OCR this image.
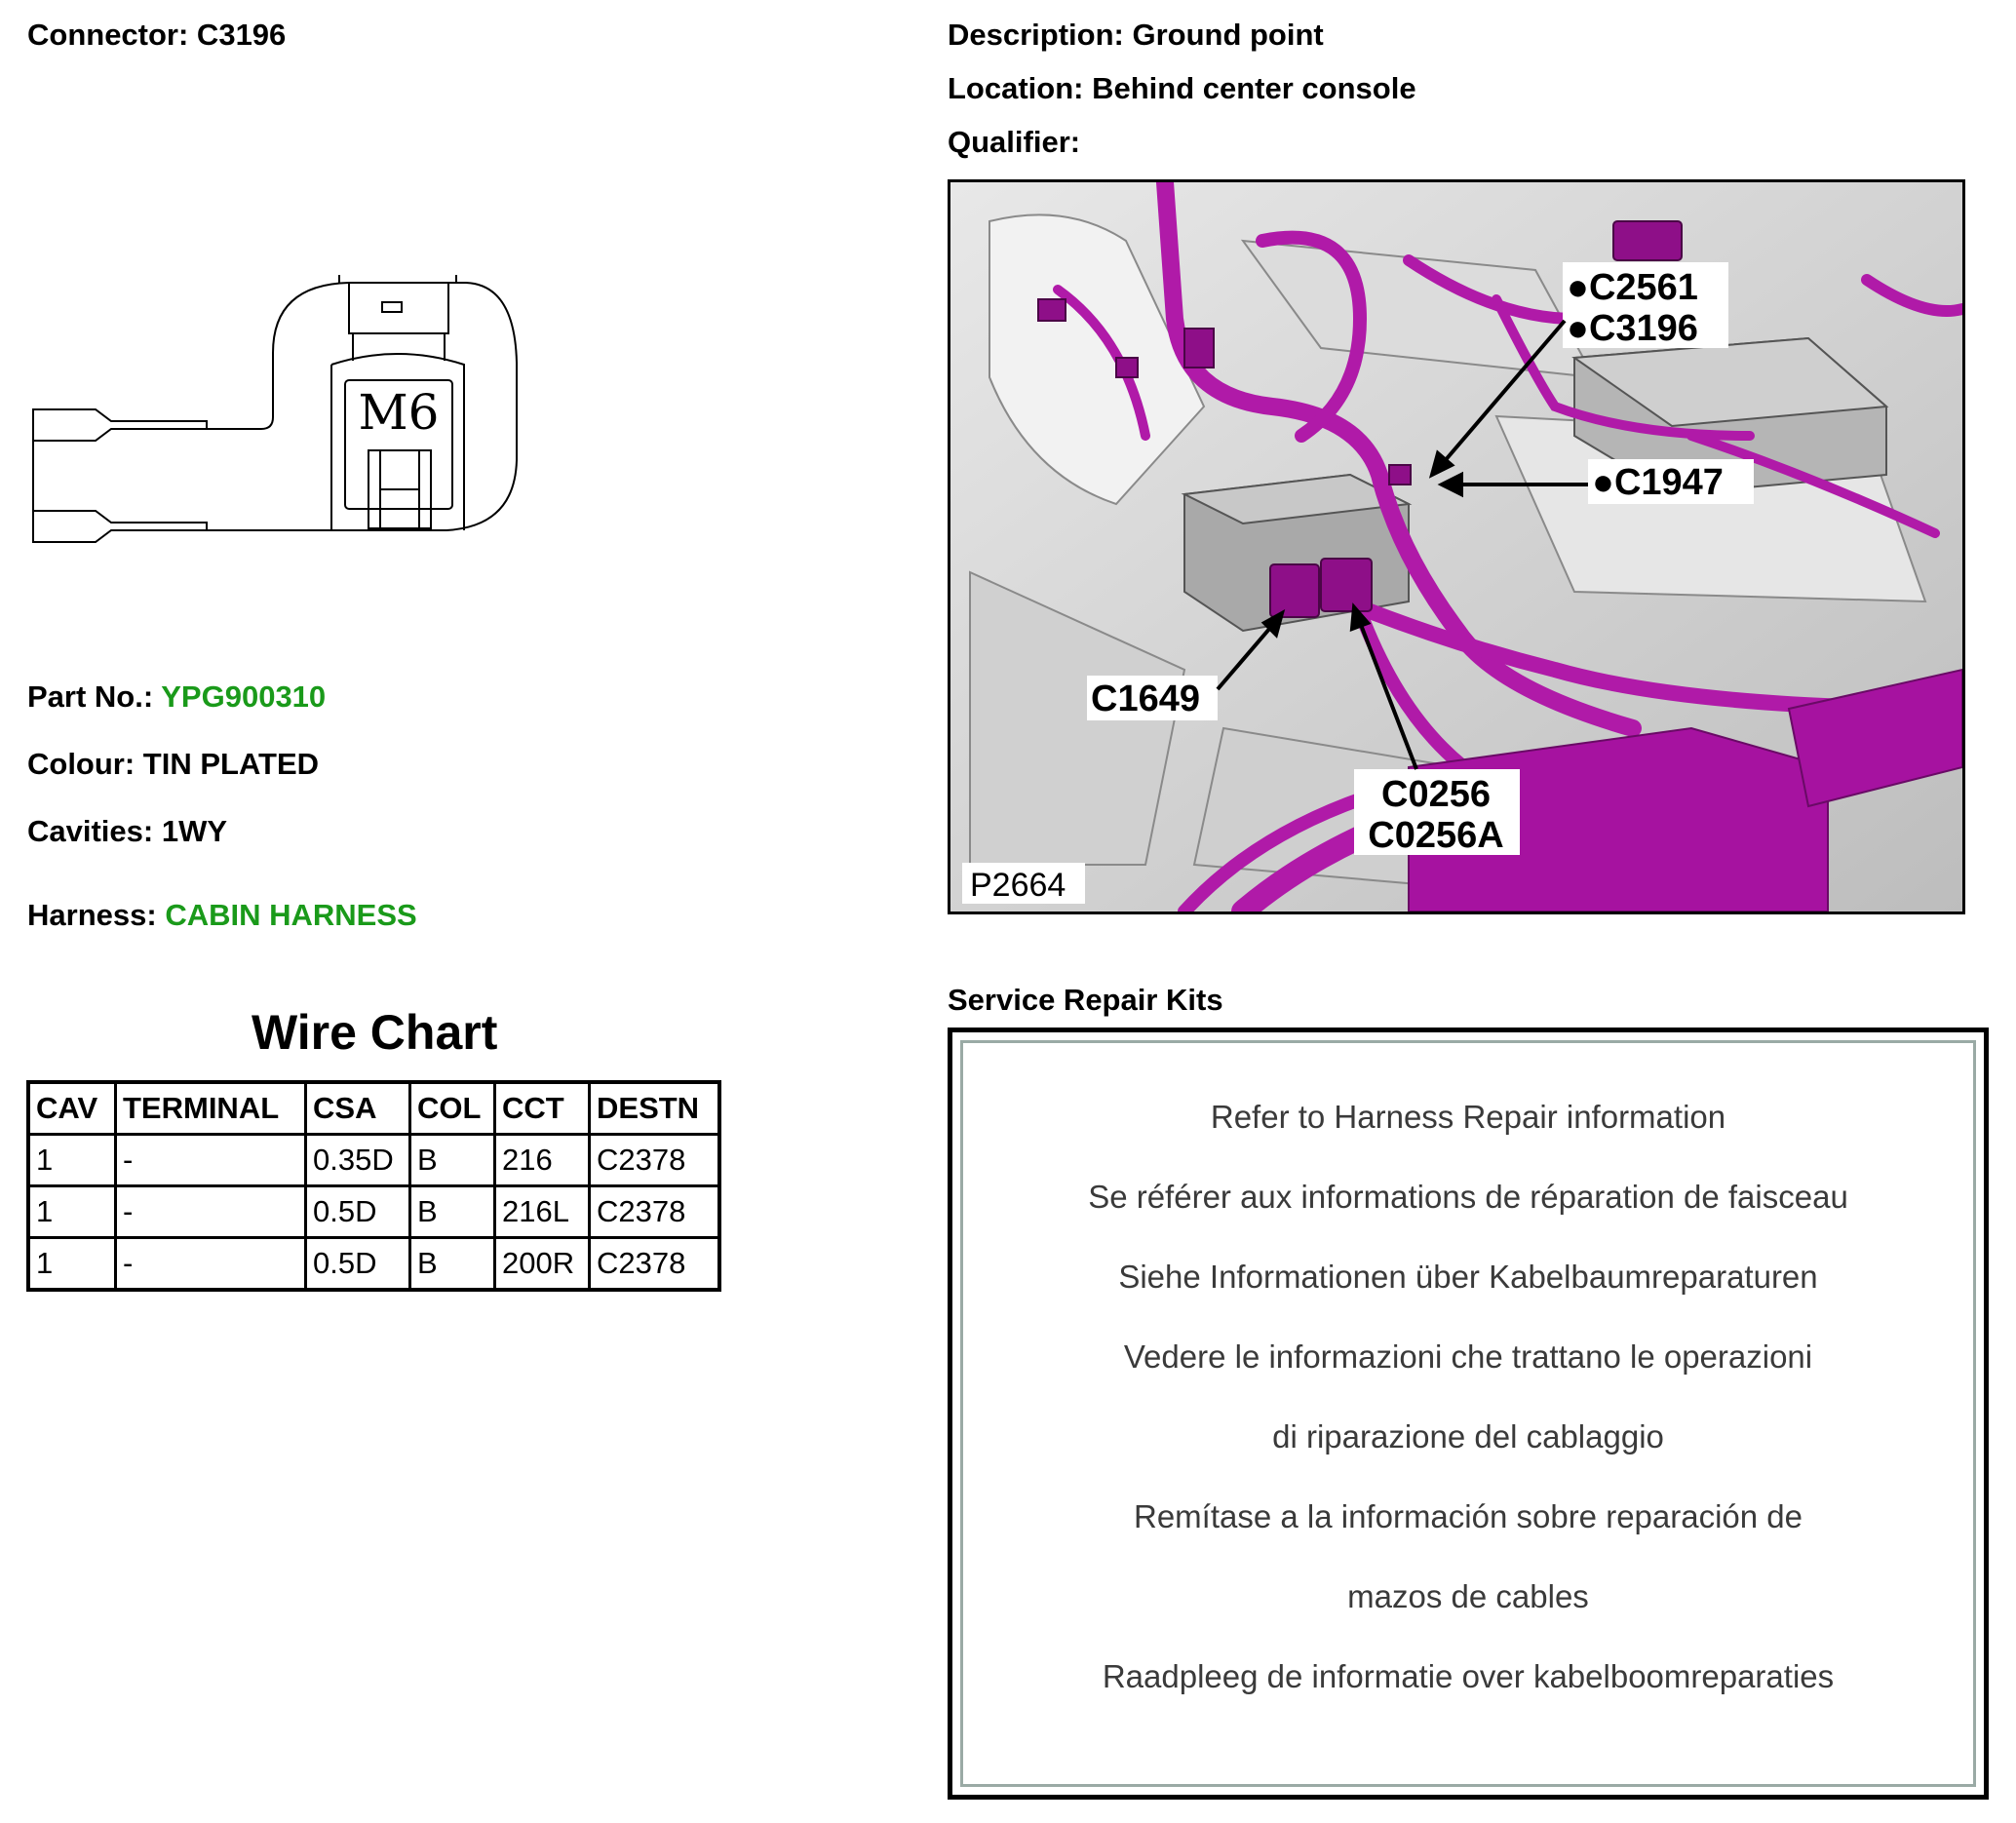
Connector: C3196	Description: Ground point
Location: Behind center console
Qualifier:
M6
Part No.: YPG900310
Colour: TIN PLATED
Cavities: 1WY
Harness: CABIN HARNESS
Wire Chart
CAV	TERMINAL	CSA	COL	CCT	DESTN
1	-	0.35D	B	216	C2378
1	-	0.5D	B	216L	C2378
1	-	0.5D	B	200R	C2378
●C2561
●C3196
●C1947
C1649
C0256
C0256A
P2664
Service Repair Kits
Refer to Harness Repair information
Se référer aux informations de réparation de faisceau
Siehe Informationen über Kabelbaumreparaturen
Vedere le informazioni che trattano le operazioni
di riparazione del cablaggio
Remítase a la información sobre reparación de
mazos de cables
Raadpleeg de informatie over kabelboomreparaties
